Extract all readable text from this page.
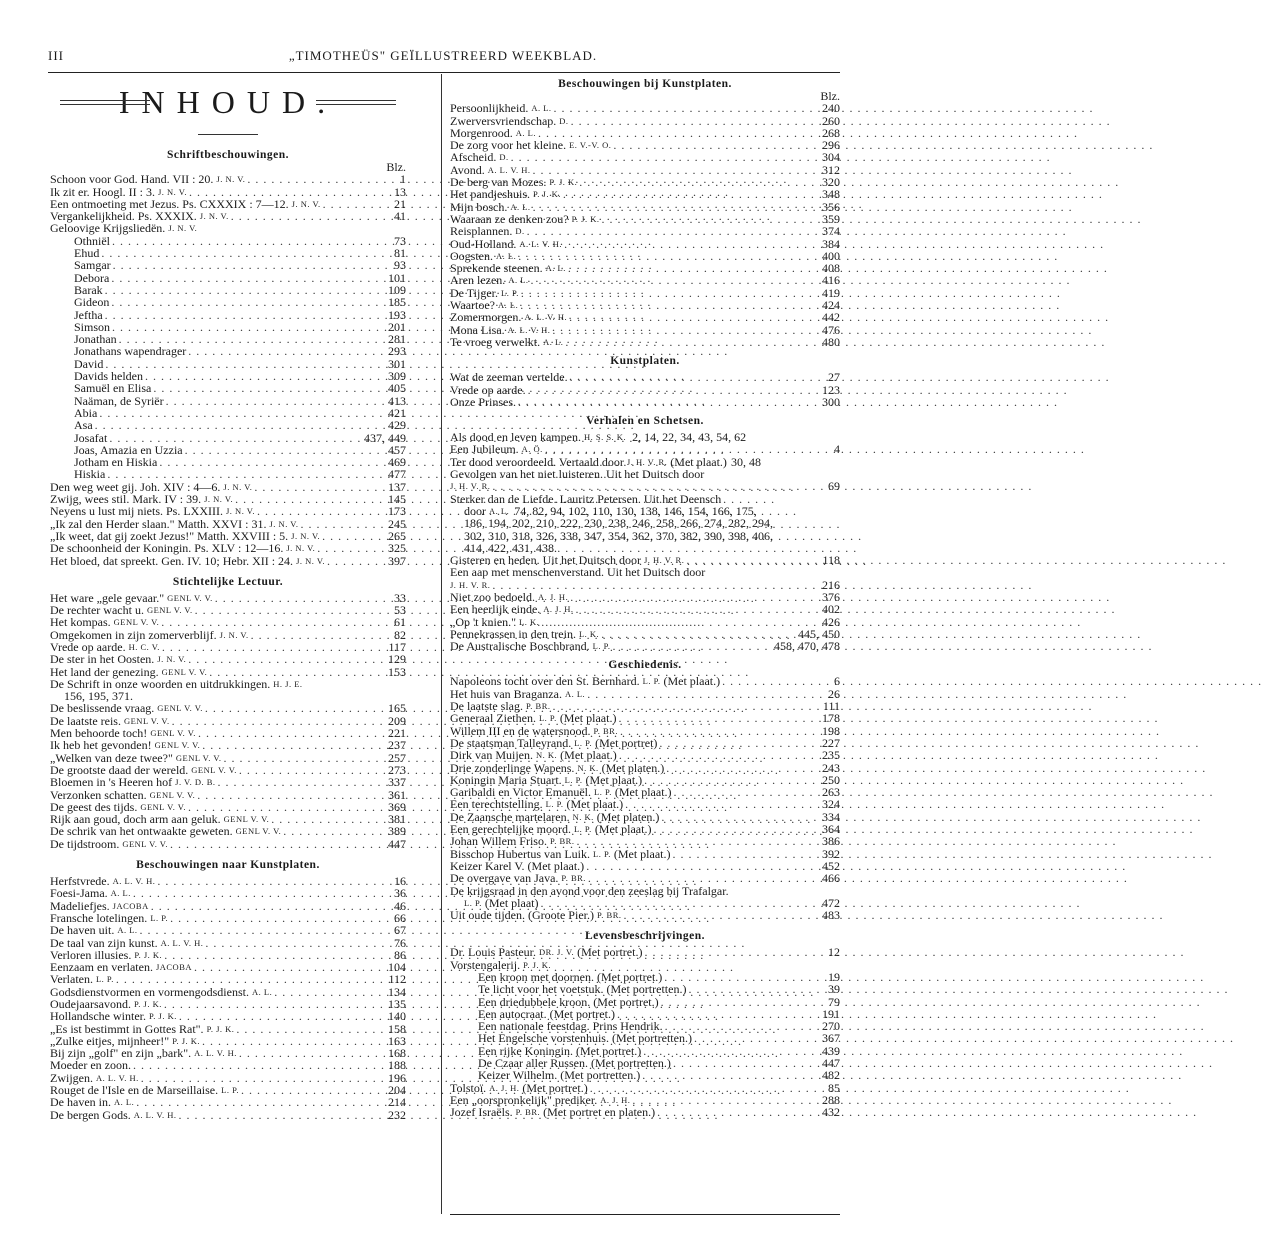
III	„TIMOTHEÜS" GEÏLLUSTREERD WEEKBLAD.
INHOUD.
Schriftbeschouwingen.
Blz.
Schoon voor God. Hand. VII : 20. J. N. V. . . .	1
Ik zit er. Hoogl. II : 3. J. N. V. . . .	13
Een ontmoeting met Jezus. Ps. CXXXIX : 7—12. J. N. V. . . .	21
Vergankelijkheid. Ps. XXXIX. J. N. V. . . .	41
Geloovige Krijgsliedën. J. N. V.
Othniël . . .	73
Ehud . . .	81
Samgar . . .	93
Debora . . .	101
Barak . . .	109
Gideon . . .	185
Jeftha . . .	193
Simson . . .	201
Jonathan . . .	281
Jonathans wapendrager . . .	293
David . . .	301
Davids helden . . .	309
Samuël en Elisa . . .	405
Naäman, de Syriër . . .	413
Abia . . .	421
Asa . . .	429
Josafat . . .	437, 449
Joas, Amazia en Uzzia . . .	457
Jotham en Hiskia . . .	469
Hiskia . . .	477
Den weg weet gij. Joh. XIV : 4—6. J. N. V. . . .	137
Zwijg, wees stil. Mark. IV : 39. J. N. V. . . .	145
Neyens u lust mij niets. Ps. LXXIII. J. N. V. . . .	173
„Ik zal den Herder slaan." Matth. XXVI : 31. J. N. V. . . .	245
„Ik weet, dat gij zoekt Jezus!" Matth. XXVIII : 5. J. N. V. . . .	265
De schoonheid der Koningin. Ps. XLV : 12—16. J. N. V. . . .	325
Het bloed, dat spreekt. Gen. IV. 10; Hebr. XII : 24. J. N. V. . . .	397
Stichtelijke Lectuur.
Het ware „gele gevaar." GENL V. V. . . .	33
De rechter wacht u. GENL V. V. . . .	53
Het kompas. GENL V. V. . . .	61
Omgekomen in zijn zomerverblijf. J. N. V. . . .	82
Vrede op aarde. H. C. V. . . .	117
De ster in het Oosten. J. N. V. . . .	129
Het land der genezing. GENL V. V. . . .	153
De Schrift in onze woorden en uitdrukkingen. H. J. E.
156, 195, 371.
De beslissende vraag. GENL V. V. . . .	165
De laatste reis. GENL V. V. . . .	209
Men behoorde toch! GENL V. V. . . .	221
Ik heb het gevonden! GENL V. V. . . .	237
„Welken van deze twee?" GENL V. V. . . .	257
De grootste daad der wereld. GENL V. V. . . .	273
Bloemen in 's Heeren hof J. V. D. B. . . .	337
Verzonken schatten. GENL V. V. . . .	361
De geest des tijds. GENL V. V. . . .	369
Rijk aan goud, doch arm aan geluk. GENL V. V. . . .	381
De schrik van het ontwaakte geweten. GENL V. V. . . .	389
De tijdstroom. GENL V. V. . . .	447
Beschouwingen naar Kunstplaten.
Herfstvrede. A. L. V. H. . . .	16
Foesi-Jama. A. L. . . .	36
Madeliefjes. JACOBA . . .	46
Fransche lotelingen. L. P. . . .	66
De haven uit. A. L. . . .	67
De taal van zijn kunst. A. L. V. H. . . .	76
Verloren illusies. P. J. K. . . .	86
Eenzaam en verlaten. JACOBA . . .	104
Verlaten. L. P. . . .	112
Godsdienstvormen en vormengodsdienst. A. L. . . .	134
Oudejaarsavond. P. J. K. . . .	135
Hollandsche winter. P. J. K. . . .	140
„Es ist bestimmt in Gottes Rat". P. J. K. . . .	158
„Zulke eitjes, mijnheer!" P. J. K. . . .	163
Bij zijn „golf" en zijn „bark". A. L. V. H. . . .	168
Moeder en zoon. . . .	188
Zwijgen. A. L. V. H. . . .	196
Rouget de l'Isle en de Marseillaise. L. P. . . .	204
De haven in. A. L. . . .	214
De bergen Gods. A. L. V. H. . . .	232
Beschouwingen bij Kunstplaten.
Blz.
Persoonlijkheid. A. L. . . .	240
Zwerversvriendschap. D. . . .	260
Morgenrood. A. L. . . .	268
De zorg voor het kleine. E. V.-V. O. . . .	296
Afscheid. D. . . .	304
Avond. A. L. V. H. . . .	312
De berg van Mozes. P. J. K. . . .	320
Het pandjeshuis. P. J. K. . . .	348
Mijn bosch. A. L. . . .	356
Waaraan ze denken zou? P. J. K. . . .	359
Reisplannen. D. . . .	374
Oud-Holland. A. L. V. H. . . .	384
Oogsten. A. L. . . .	400
Sprekende steenen. A. L. . . .	408
Aren lezen. A. L. . . .	416
De Tijger. L. P. . . .	419
Waartoe? A. L. . . .	424
Zomermorgen. A. L. V. H. . . .	442
Mona Lisa. A. L. V. H. . . .	476
Te vroeg verwelkt. A. L. . . .	480
Kunstplaten.
Wat de zeeman vertelde. . . .	27
Vrede op aarde. . . .	123
Onze Prinses. . . .	300
Verhalen en Schetsen.
Als dood en leven kampen. H. S. S. K. 2, 14, 22, 34, 43, 54, 62
Een Jubileum. A. Ö. . . .	4
Ter dood veroordeeld. Vertaald door J. H. V. R. (Met plaat.) 30, 48
Gevolgen van het niet luisteren. Uit het Duitsch door
J. H. V. R. . . .	69
Sterker dan de Liefde. Lauritz Petersen. Uit het Deensch
door A. L. 74, 82, 94, 102, 110, 130, 138, 146, 154, 166, 175,
186, 194, 202, 210, 222, 230, 238, 246, 258, 266, 274, 282, 294,
302, 310, 318, 326, 338, 347, 354, 362, 370, 382, 390, 398, 406,
414, 422, 431, 438.
Gisteren en heden. Uit het Duitsch door J. H. V. R. . . .	118
Een aap met menschenverstand. Uit het Duitsch door
J. H. V. R. . . .	216
Niet zoo bedoeld. A. J. H. . . .	376
Een heerlijk einde. A. J. H. . . .	402
„Op 't knien." L. K. . . .	426
Pennekrassen in den trein. L. K. . . .	445, 450
De Australische Boschbrand. L. P. . . .	458, 470, 478
Geschiedenis.
Napoleons tocht over den St. Bernhard. L. P. (Met plaat.) . . .	6
Het huis van Braganza. A. L. . . .	26
De laatste slag. P. BR. . . .	111
Generaal Ziethen. L. P. (Met plaat.) . . .	178
Willem III en de watersnood. P. BR. . . .	198
De staatsman Talleyrand. L. P. (Met portret) . . .	227
Dirk van Muijen. N. K. (Met plaat.) . . .	235
Drie zonderlinge Wapens. N. K. (Met platen.) . . .	243
Koningin Maria Stuart. L. P. (Met plaat.) . . .	250
Garibaldi en Victor Emanuël. L. P. (Met plaat.) . . .	263
Een terechtstelling. L. P. (Met plaat.) . . .	324
De Zaansche martelaren. N. K. (Met platen.) . . .	334
Een gerechtelijke moord. L. P. (Met plaat.) . . .	364
Johan Willem Friso. P. BR. . . .	386
Bisschop Hubertus van Luik. L. P. (Met plaat.) . . .	392
Keizer Karel V. (Met plaat.) . . .	452
De overgave van Java. P. BR. . . .	466
De krijgsraad in den avond voor den zeeslag bij Trafalgar.
L. P. (Met plaat) . . .	472
Uit oude tijden. (Groote Pier.) P. BR. . . .	483
Levensbeschrijvingen.
Dr. Louis Pasteur. DR. J. V. (Met portret.) . . .	12
Vorstengalerij. P. J. K.
Een kroon met doornen. (Met portret.) . . .	19
Te licht voor het voetstuk. (Met portretten.) . . .	39
Een driedubbele kroon. (Met portret.) . . .	79
Een autocraat. (Met portret.) . . .	191
Een nationale feestdag. Prins Hendrik. . . .	270
Het Engelsche vorstenhuis. (Met portretten.) . . .	367
Een rijke Koningin. (Met portret.) . . .	439
De Czaar aller Russen. (Met portretten.) . . .	447
Keizer Wilhelm. (Met portretten.) . . .	482
Tolstoï. A. J. H. (Met portret.) . . .	85
Een „oorspronkelijk" prediker. A. J. H. . . .	288
Jozef Israëls. P. BR. (Met portret en platen.) . . .	432
